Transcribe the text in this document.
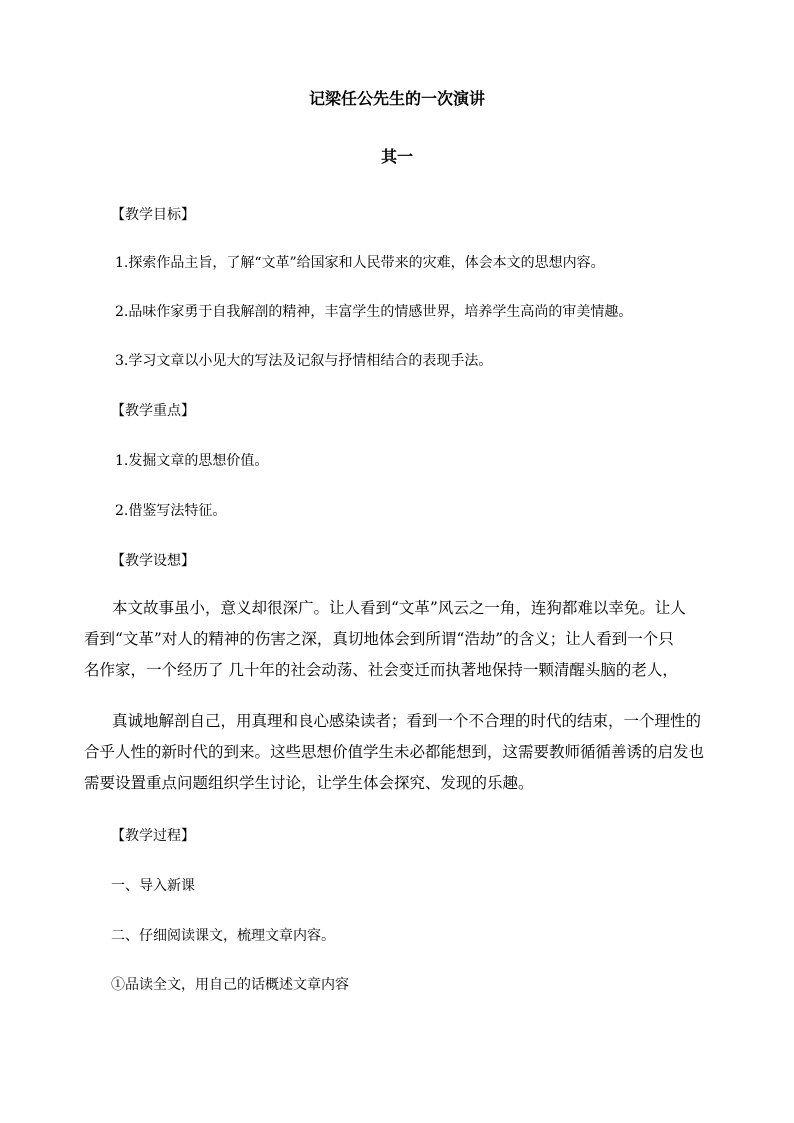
记梁任公先生的一次演讲
其一
【教学目标】
1.探索作品主旨，了解“文革”给国家和人民带来的灾难，体会本文的思想内容。
2.品味作家勇于自我解剖的精神，丰富学生的情感世界，培养学生高尚的审美情趣。
3.学习文章以小见大的写法及记叙与抒情相结合的表现手法。
【教学重点】
1.发掘文章的思想价值。
2.借鉴写法特征。
【教学设想】
本文故事虽小，意义却很深广。让人看到“文革”风云之一角，连狗都难以幸免。让人
看到“文革”对人的精神的伤害之深，真切地体会到所谓“浩劫”的含义；让人看到一个只
名作家，一个经历了 几十年的社会动荡、社会变迁而执著地保持一颗清醒头脑的老人，
真诚地解剖自己，用真理和良心感染读者；看到一个不合理的时代的结束，一个理性的
合乎人性的新时代的到来。这些思想价值学生未必都能想到，这需要教师循循善诱的启发也
需要设置重点问题组织学生讨论，让学生体会探究、发现的乐趣。
【教学过程】
一、导入新课
二、仔细阅读课文，梳理文章内容。
①品读全文，用自己的话概述文章内容
